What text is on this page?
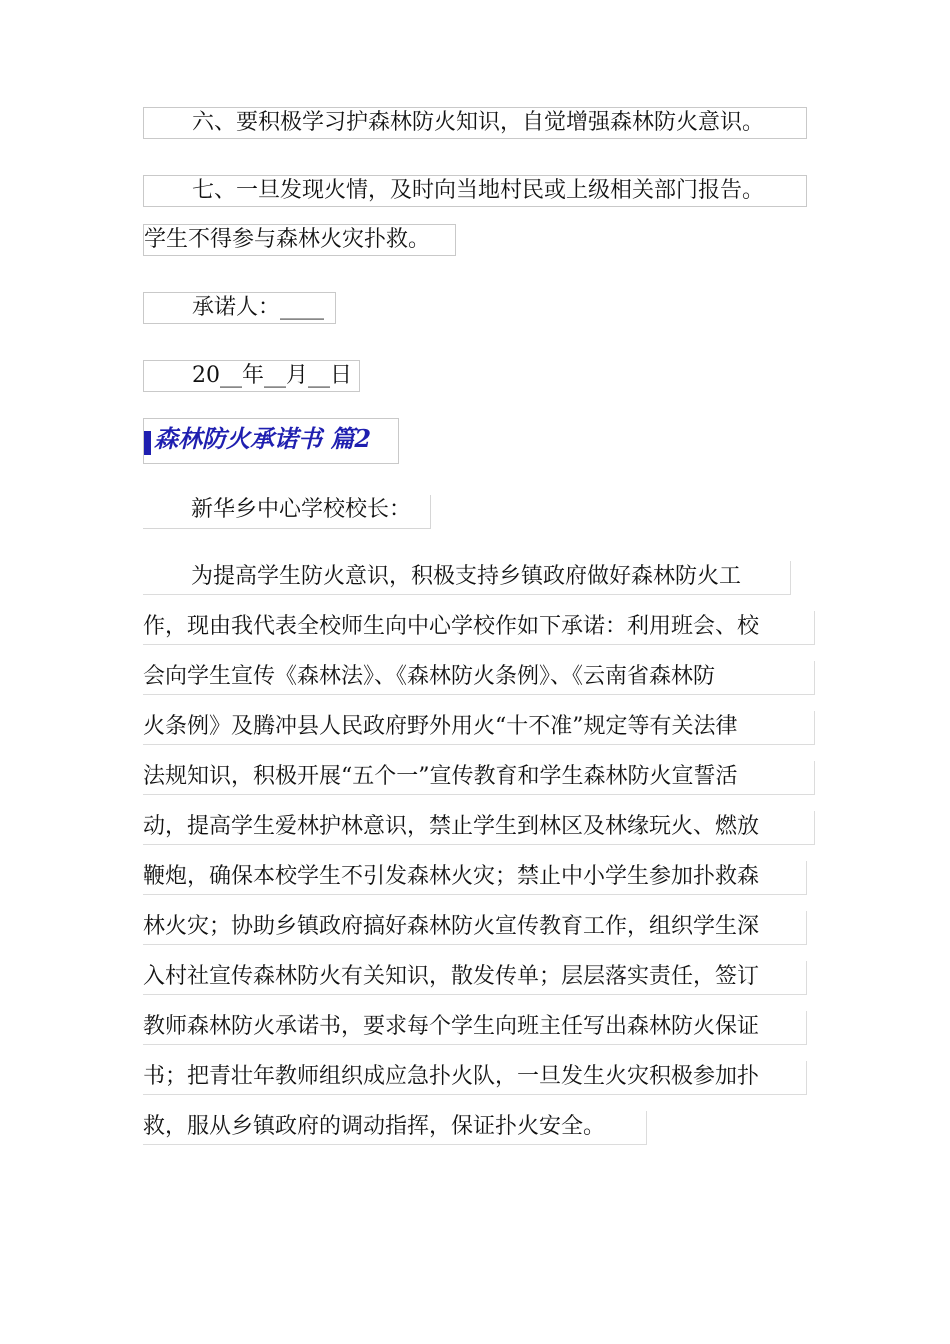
六、要积极学习护森林防火知识，自觉增强森林防火意识。
七、一旦发现火情，及时向当地村民或上级相关部门报告。
学生不得参与森林火灾扑救。
承诺人：____
20__年__月__日
森林防火承诺书 篇2
新华乡中心学校校长：
为提高学生防火意识，积极支持乡镇政府做好森林防火工
作，现由我代表全校师生向中心学校作如下承诺：利用班会、校
会向学生宣传《森林法》、《森林防火条例》、《云南省森林防
火条例》及腾冲县人民政府野外用火“十不准”规定等有关法律
法规知识，积极开展“五个一”宣传教育和学生森林防火宣誓活
动，提高学生爱林护林意识，禁止学生到林区及林缘玩火、燃放
鞭炮，确保本校学生不引发森林火灾；禁止中小学生参加扑救森
林火灾；协助乡镇政府搞好森林防火宣传教育工作，组织学生深
入村社宣传森林防火有关知识，散发传单；层层落实责任，签订
教师森林防火承诺书，要求每个学生向班主任写出森林防火保证
书；把青壮年教师组织成应急扑火队，一旦发生火灾积极参加扑
救，服从乡镇政府的调动指挥，保证扑火安全。
